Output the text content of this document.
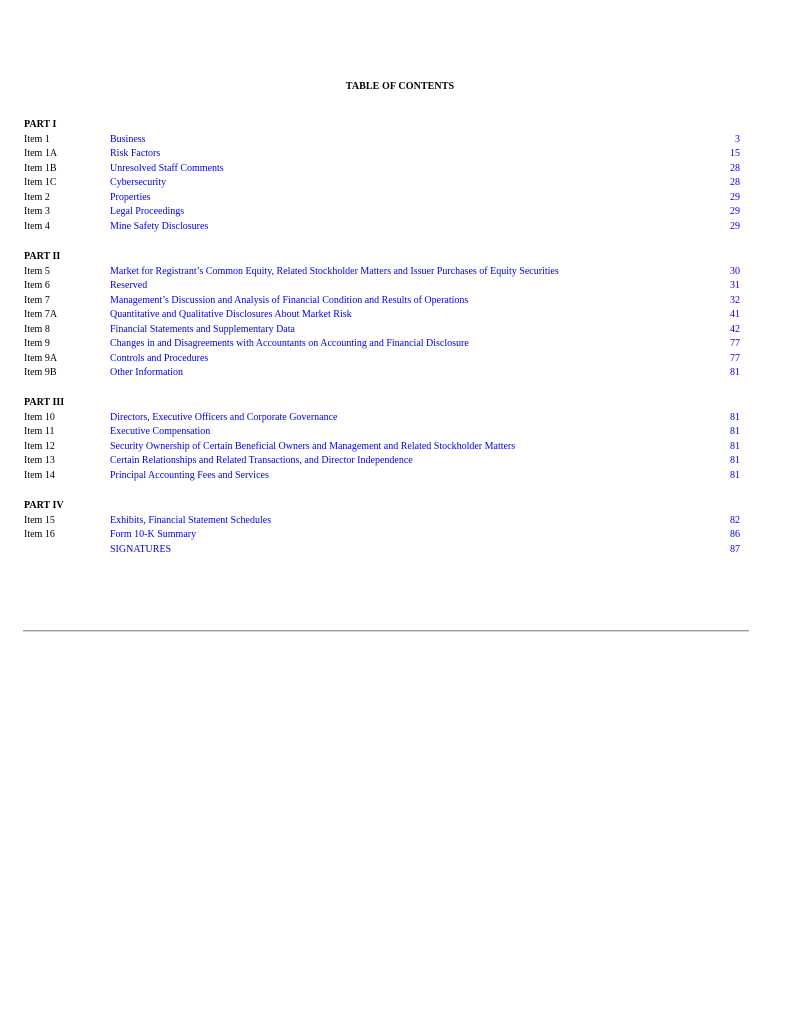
TABLE OF CONTENTS
PART I
Item 1	Business	3
Item 1A	Risk Factors	15
Item 1B	Unresolved Staff Comments	28
Item 1C	Cybersecurity	28
Item 2	Properties	29
Item 3	Legal Proceedings	29
Item 4	Mine Safety Disclosures	29
PART II
Item 5	Market for Registrant’s Common Equity, Related Stockholder Matters and Issuer Purchases of Equity Securities	30
Item 6	Reserved	31
Item 7	Management’s Discussion and Analysis of Financial Condition and Results of Operations	32
Item 7A	Quantitative and Qualitative Disclosures About Market Risk	41
Item 8	Financial Statements and Supplementary Data	42
Item 9	Changes in and Disagreements with Accountants on Accounting and Financial Disclosure	77
Item 9A	Controls and Procedures	77
Item 9B	Other Information	81
PART III
Item 10	Directors, Executive Officers and Corporate Governance	81
Item 11	Executive Compensation	81
Item 12	Security Ownership of Certain Beneficial Owners and Management and Related Stockholder Matters	81
Item 13	Certain Relationships and Related Transactions, and Director Independence	81
Item 14	Principal Accounting Fees and Services	81
PART IV
Item 15	Exhibits, Financial Statement Schedules	82
Item 16	Form 10-K Summary	86
SIGNATURES	87
